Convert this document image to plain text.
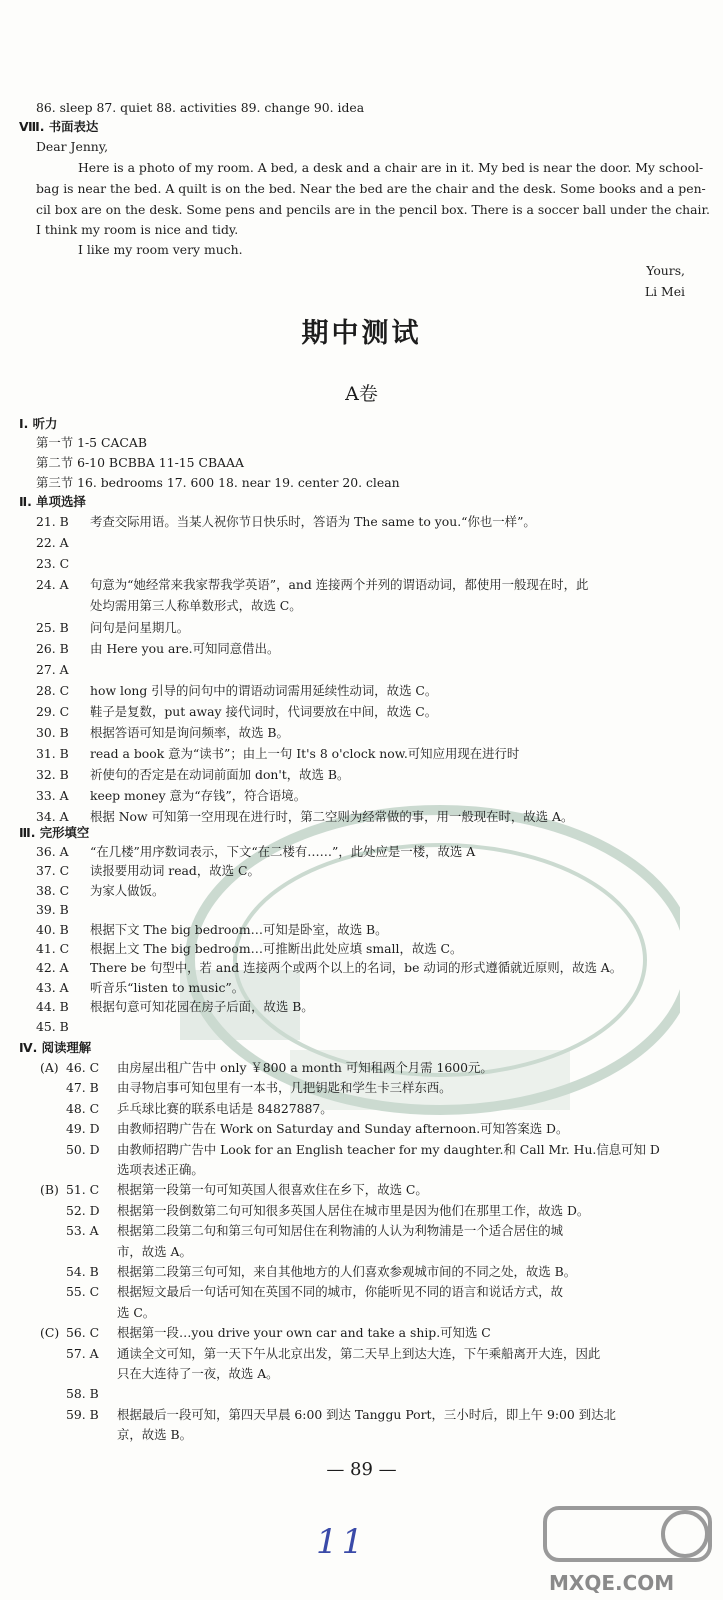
86. sleep 87. quiet 88. activities 89. change 90. idea
Ⅷ. 书面表达
Dear Jenny,
Here is a photo of my room. A bed, a desk and a chair are in it. My bed is near the door. My school-
bag is near the bed. A quilt is on the bed. Near the bed are the chair and the desk. Some books and a pen-
cil box are on the desk. Some pens and pencils are in the pencil box. There is a soccer ball under the chair.
I think my room is nice and tidy.
I like my room very much.
Yours,
Li Mei
期中测试
A卷
Ⅰ. 听力
第一节 1-5 CACAB
第二节 6-10 BCBBA 11-15 CBAAA
第三节 16. bedrooms 17. 600 18. near 19. center 20. clean
Ⅱ. 单项选择
21. B 考查交际用语。当某人祝你节日快乐时，答语为 The same to you.“你也一样”。
22. A
23. C
24. A 句意为“她经常来我家帮我学英语”，and 连接两个并列的谓语动词，都使用一般现在时，此
处均需用第三人称单数形式，故选 C。
25. B 问句是问星期几。
26. B 由 Here you are.可知同意借出。
27. A
28. C how long 引导的问句中的谓语动词需用延续性动词，故选 C。
29. C 鞋子是复数，put away 接代词时，代词要放在中间，故选 C。
30. B 根据答语可知是询问频率，故选 B。
31. B read a book 意为“读书”；由上一句 It's 8 o'clock now.可知应用现在进行时
32. B 祈使句的否定是在动词前面加 don't，故选 B。
33. A keep money 意为“存钱”，符合语境。
34. A 根据 Now 可知第一空用现在进行时，第二空则为经常做的事，用一般现在时，故选 A。
Ⅲ. 完形填空
36. A “在几楼”用序数词表示，下文“在二楼有……”，此处应是一楼，故选 A
37. C 读报要用动词 read，故选 C。
38. C 为家人做饭。
39. B
40. B 根据下文 The big bedroom…可知是卧室，故选 B。
41. C 根据上文 The big bedroom…可推断出此处应填 small，故选 C。
42. A There be 句型中，若 and 连接两个或两个以上的名词，be 动词的形式遵循就近原则，故选 A。
43. A 听音乐“listen to music”。
44. B 根据句意可知花园在房子后面，故选 B。
45. B
Ⅳ. 阅读理解
(A) 46. C 由房屋出租广告中 only ￥800 a month 可知租两个月需 1600元。
47. B 由寻物启事可知包里有一本书，几把钥匙和学生卡三样东西。
48. C 乒乓球比赛的联系电话是 84827887。
49. D 由教师招聘广告在 Work on Saturday and Sunday afternoon.可知答案选 D。
50. D 由教师招聘广告中 Look for an English teacher for my daughter.和 Call Mr. Hu.信息可知 D
选项表述正确。
(B) 51. C 根据第一段第一句可知英国人很喜欢住在乡下，故选 C。
52. D 根据第一段倒数第二句可知很多英国人居住在城市里是因为他们在那里工作，故选 D。
53. A 根据第二段第二句和第三句可知居住在利物浦的人认为利物浦是一个适合居住的城
市，故选 A。
54. B 根据第二段第三句可知，来自其他地方的人们喜欢参观城市间的不同之处，故选 B。
55. C 根据短文最后一句话可知在英国不同的城市，你能听见不同的语言和说话方式，故
选 C。
(C) 56. C 根据第一段…you drive your own car and take a ship.可知选 C
57. A 通读全文可知，第一天下午从北京出发，第二天早上到达大连，下午乘船离开大连，因此
只在大连待了一夜，故选 A。
58. B
59. B 根据最后一段可知，第四天早晨 6:00 到达 Tanggu Port，三小时后，即上午 9:00 到达北
京，故选 B。
— 89 —
11
MXQE.COM
